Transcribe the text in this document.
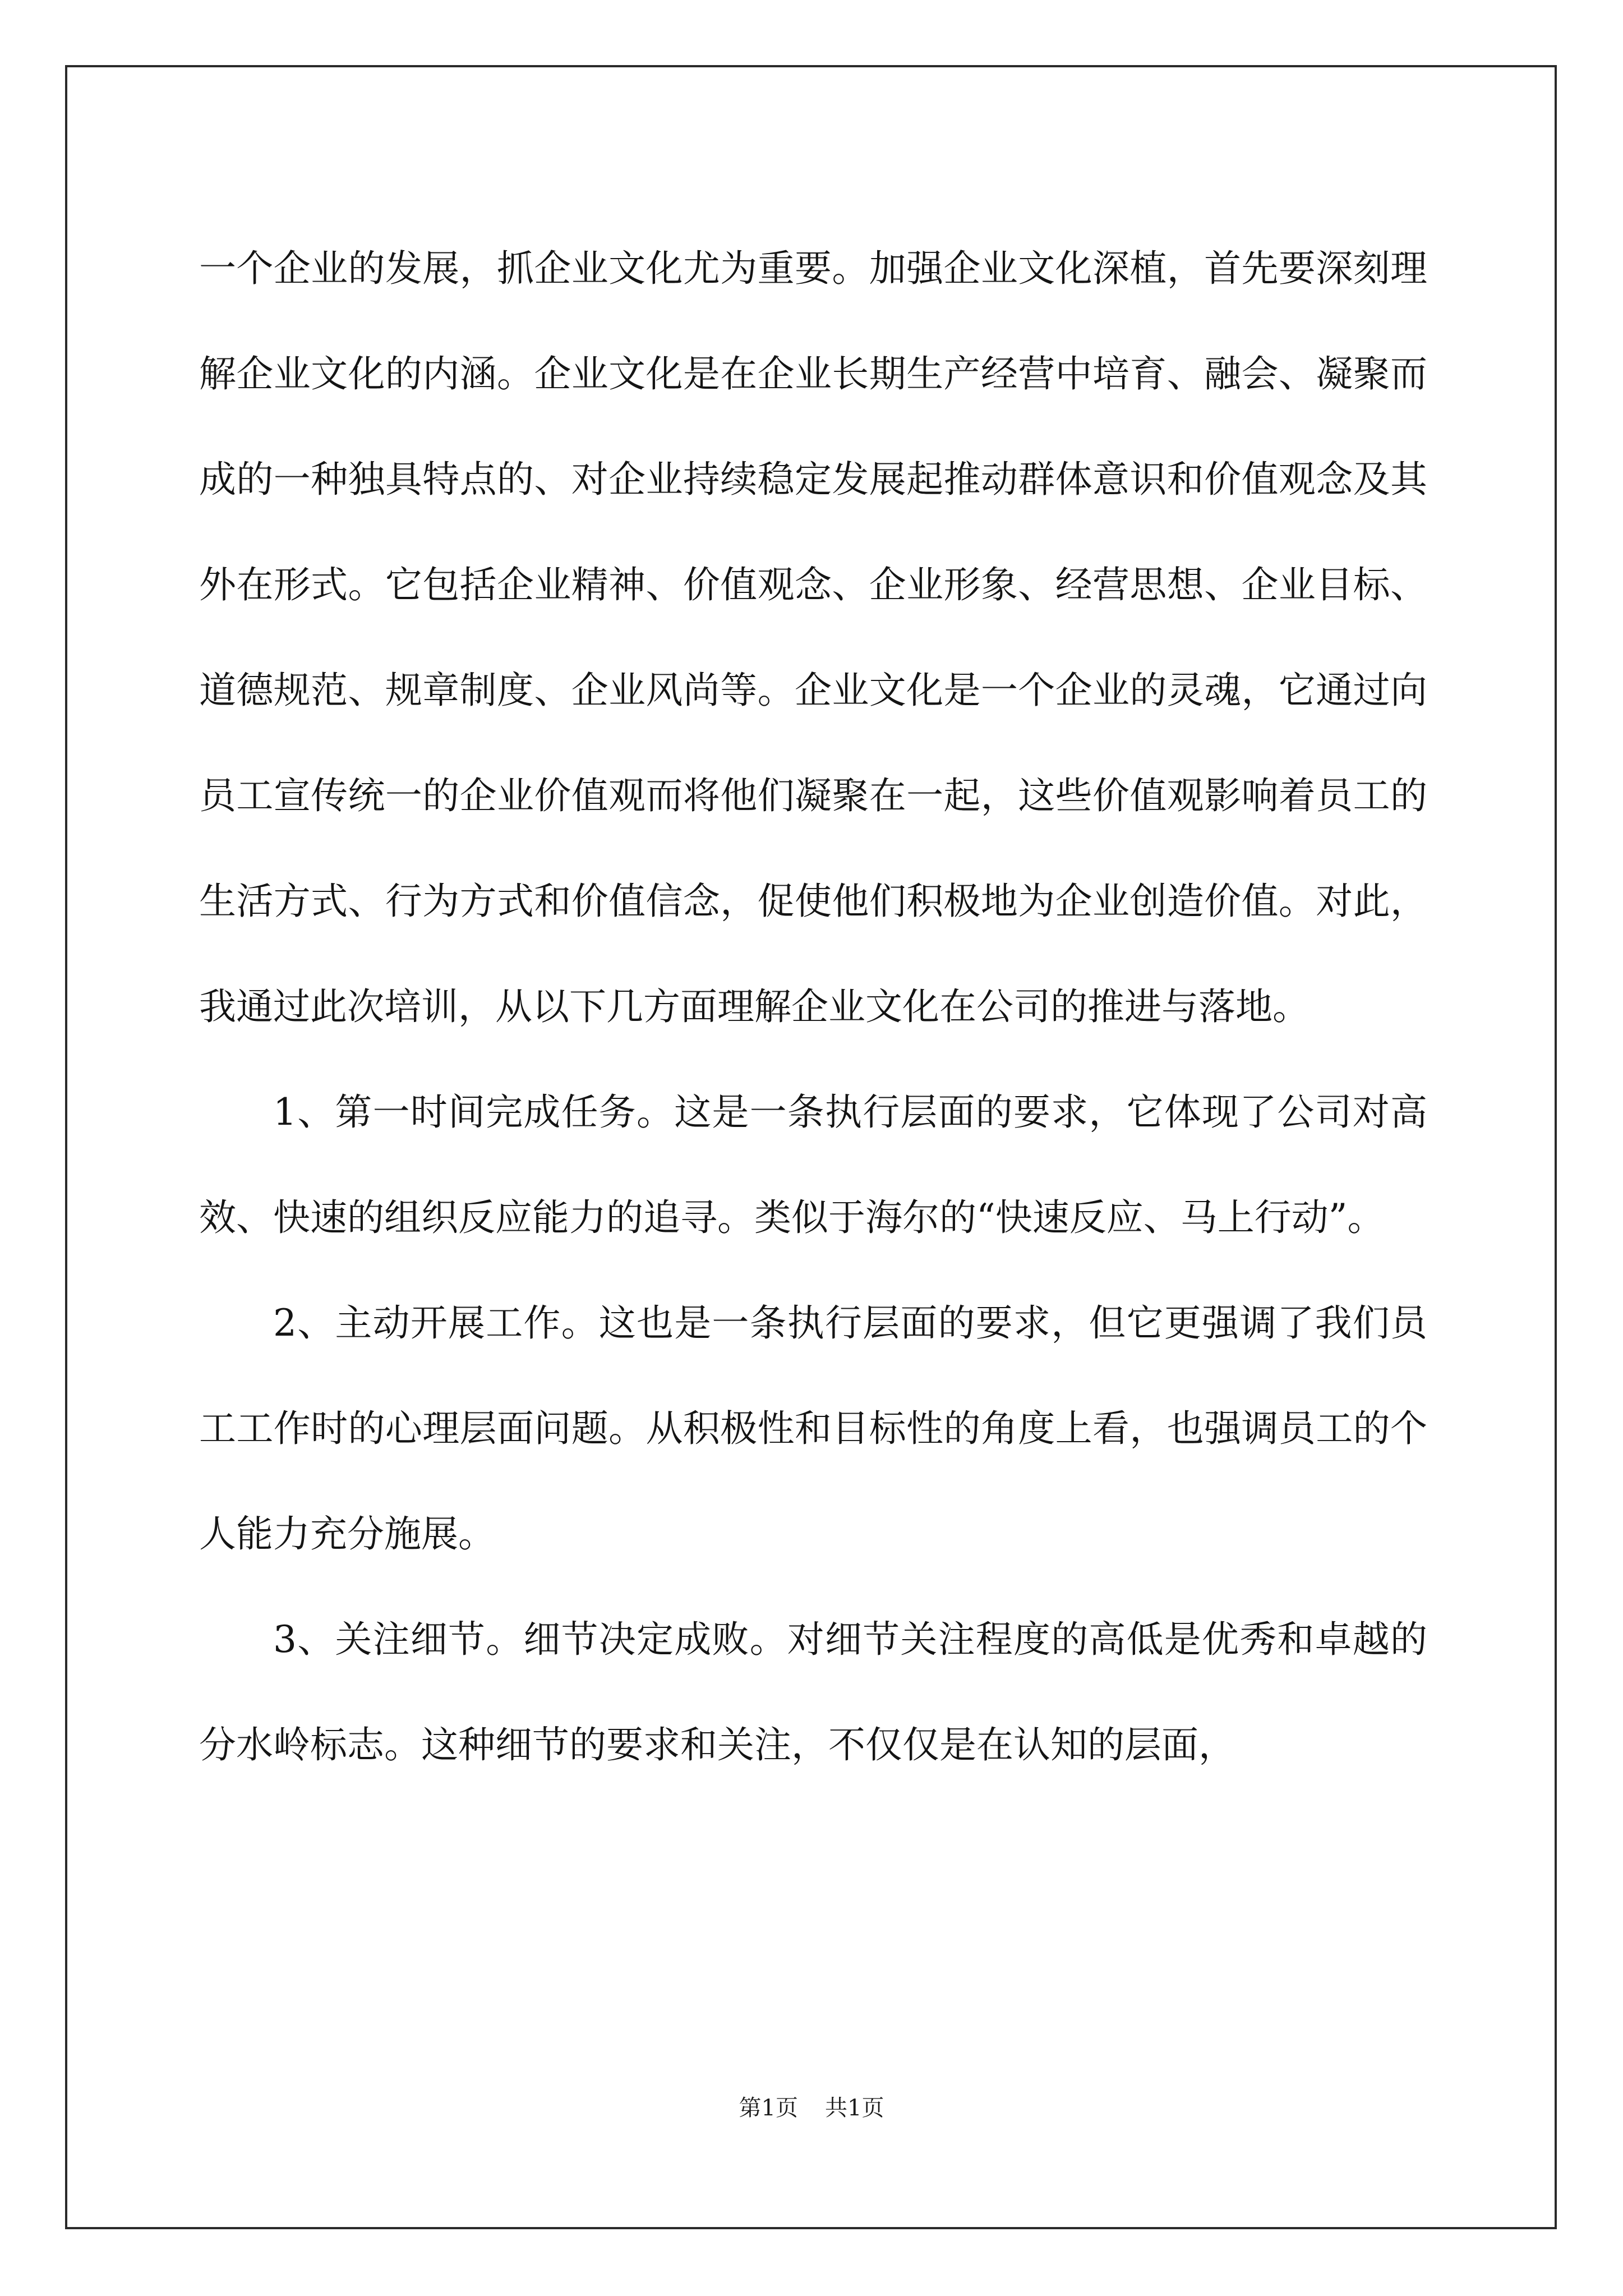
一个企业的发展，抓企业文化尤为重要。加强企业文化深植，首先要深刻理解企业文化的内涵。企业文化是在企业长期生产经营中培育、融会、凝聚而成的一种独具特点的、对企业持续稳定发展起推动群体意识和价值观念及其外在形式。它包括企业精神、价值观念、企业形象、经营思想、企业目标、道德规范、规章制度、企业风尚等。企业文化是一个企业的灵魂，它通过向员工宣传统一的企业价值观而将他们凝聚在一起，这些价值观影响着员工的生活方式、行为方式和价值信念，促使他们积极地为企业创造价值。对此，我通过此次培训，从以下几方面理解企业文化在公司的推进与落地。

1、第一时间完成任务。这是一条执行层面的要求，它体现了公司对高效、快速的组织反应能力的追寻。类似于海尔的“快速反应、马上行动”。

2、主动开展工作。这也是一条执行层面的要求，但它更强调了我们员工工作时的心理层面问题。从积极性和目标性的角度上看，也强调员工的个人能力充分施展。

3、关注细节。细节决定成败。对细节关注程度的高低是优秀和卓越的分水岭标志。这种细节的要求和关注，不仅仅是在认知的层面，

第1页 共1页
